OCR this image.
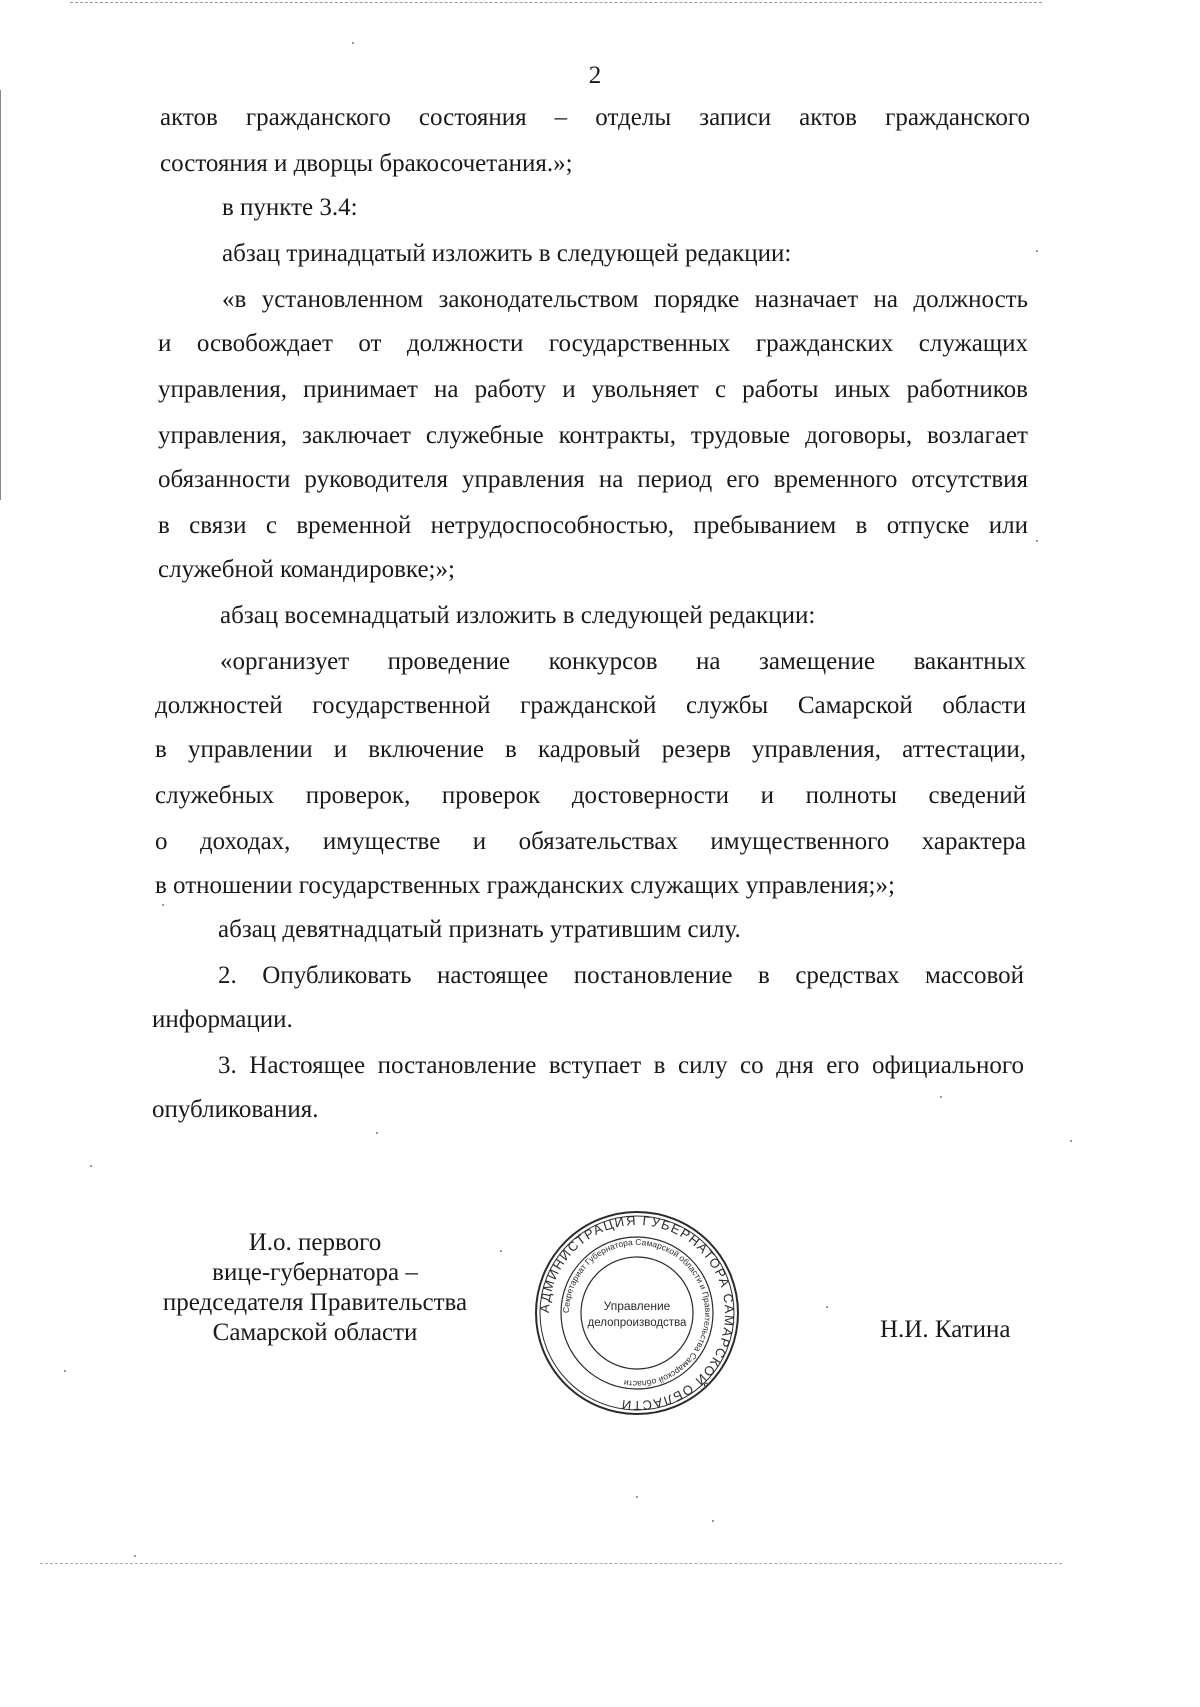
2
актов гражданского состояния – отделы записи актов гражданского
состояния и дворцы бракосочетания.»;
в пункте 3.4:
абзац тринадцатый изложить в следующей редакции:
«в установленном законодательством порядке назначает на должность
и освобождает от должности государственных гражданских служащих
управления, принимает на работу и увольняет с работы иных работников
управления, заключает служебные контракты, трудовые договоры, возлагает
обязанности руководителя управления на период его временного отсутствия
в связи с временной нетрудоспособностью, пребыванием в отпуске или
служебной командировке;»;
абзац восемнадцатый изложить в следующей редакции:
«организует проведение конкурсов на замещение вакантных
должностей государственной гражданской службы Самарской области
в управлении и включение в кадровый резерв управления, аттестации,
служебных проверок, проверок достоверности и полноты сведений
о доходах, имуществе и обязательствах имущественного характера
в отношении государственных гражданских служащих управления;»;
абзац девятнадцатый признать утратившим силу.
2. Опубликовать настоящее постановление в средствах массовой
информации.
3. Настоящее постановление вступает в силу со дня его официального
опубликования.
И.о. первого
вице-губернатора –
председателя Правительства
Самарской области
АДМИНИСТРАЦИЯ ГУБЕРНАТОРА САМАРСКОЙ ОБЛАСТИ
Секретариат Губернатора Самарской области и Правительства Самарской области
Управление
делопроизводства	Н.И. Катина
